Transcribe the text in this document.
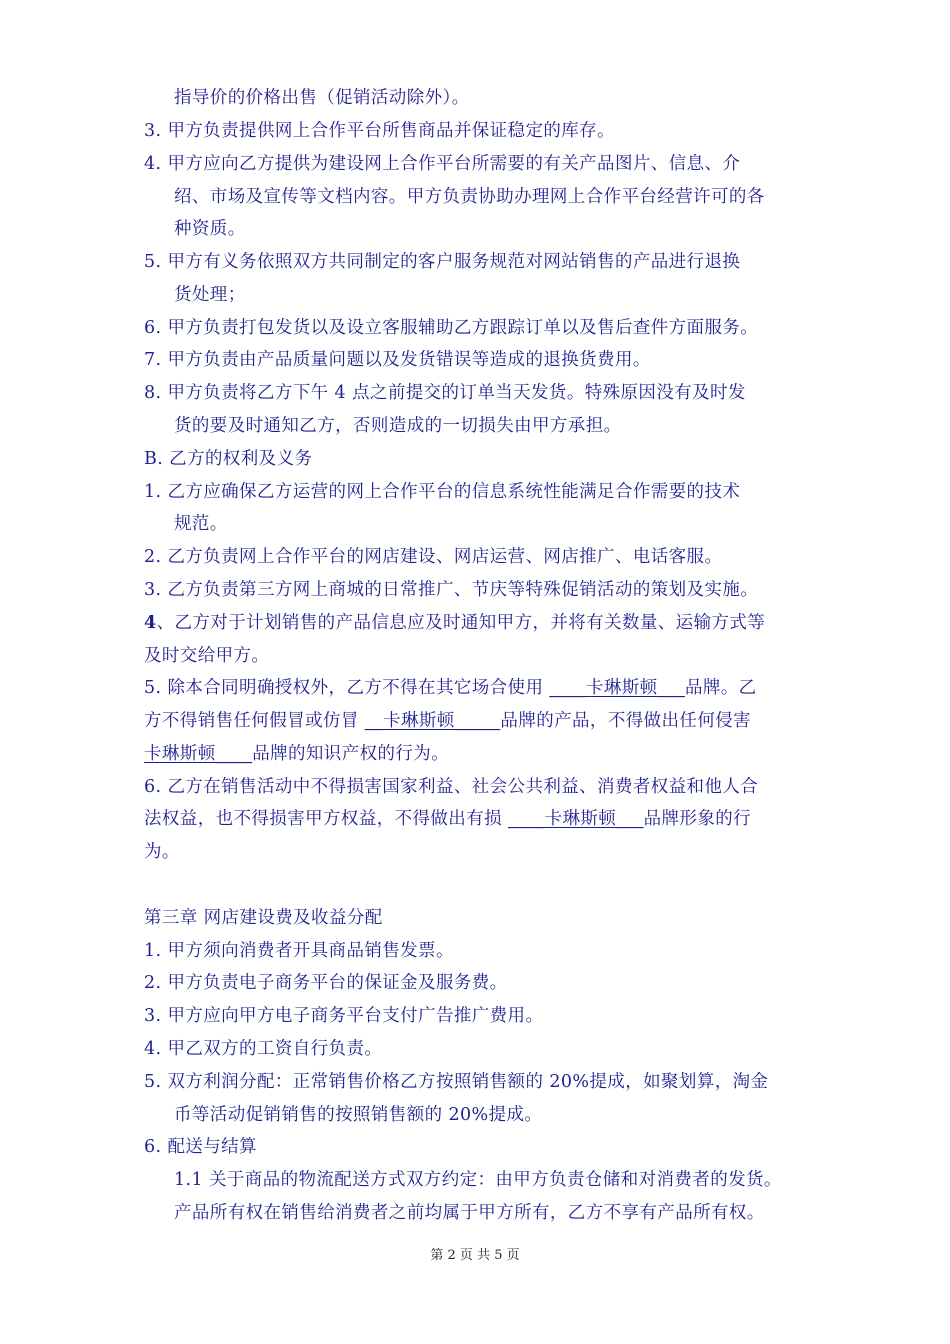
指导价的价格出售（促销活动除外）。
3. 甲方负责提供网上合作平台所售商品并保证稳定的库存。
4. 甲方应向乙方提供为建设网上合作平台所需要的有关产品图片、信息、介
绍、市场及宣传等文档内容。甲方负责协助办理网上合作平台经营许可的各
种资质。
5. 甲方有义务依照双方共同制定的客户服务规范对网站销售的产品进行退换
货处理；
6. 甲方负责打包发货以及设立客服辅助乙方跟踪订单以及售后查件方面服务。
7. 甲方负责由产品质量问题以及发货错误等造成的退换货费用。
8. 甲方负责将乙方下午 4 点之前提交的订单当天发货。特殊原因没有及时发
货的要及时通知乙方，否则造成的一切损失由甲方承担。
B. 乙方的权利及义务
1. 乙方应确保乙方运营的网上合作平台的信息系统性能满足合作需要的技术
规范。
2. 乙方负责网上合作平台的网店建设、网店运营、网店推广、电话客服。
3. 乙方负责第三方网上商城的日常推广、节庆等特殊促销活动的策划及实施。
4、乙方对于计划销售的产品信息应及时通知甲方，并将有关数量、运输方式等
及时交给甲方。
5. 除本合同明确授权外，乙方不得在其它场合使用 ____卡琳斯顿___品牌。乙
方不得销售任何假冒或仿冒 __卡琳斯顿_____品牌的产品，不得做出任何侵害
卡琳斯顿____品牌的知识产权的行为。
6. 乙方在销售活动中不得损害国家利益、社会公共利益、消费者权益和他人合
法权益，也不得损害甲方权益，不得做出有损 ____卡琳斯顿___品牌形象的行
为。
第三章 网店建设费及收益分配
1. 甲方须向消费者开具商品销售发票。
2. 甲方负责电子商务平台的保证金及服务费。
3. 甲方应向甲方电子商务平台支付广告推广费用。
4. 甲乙双方的工资自行负责。
5. 双方利润分配：正常销售价格乙方按照销售额的 20%提成，如聚划算，淘金
币等活动促销销售的按照销售额的 20%提成。
6. 配送与结算
1.1 关于商品的物流配送方式双方约定：由甲方负责仓储和对消费者的发货。
产品所有权在销售给消费者之前均属于甲方所有，乙方不享有产品所有权。
第 2 页 共 5 页
